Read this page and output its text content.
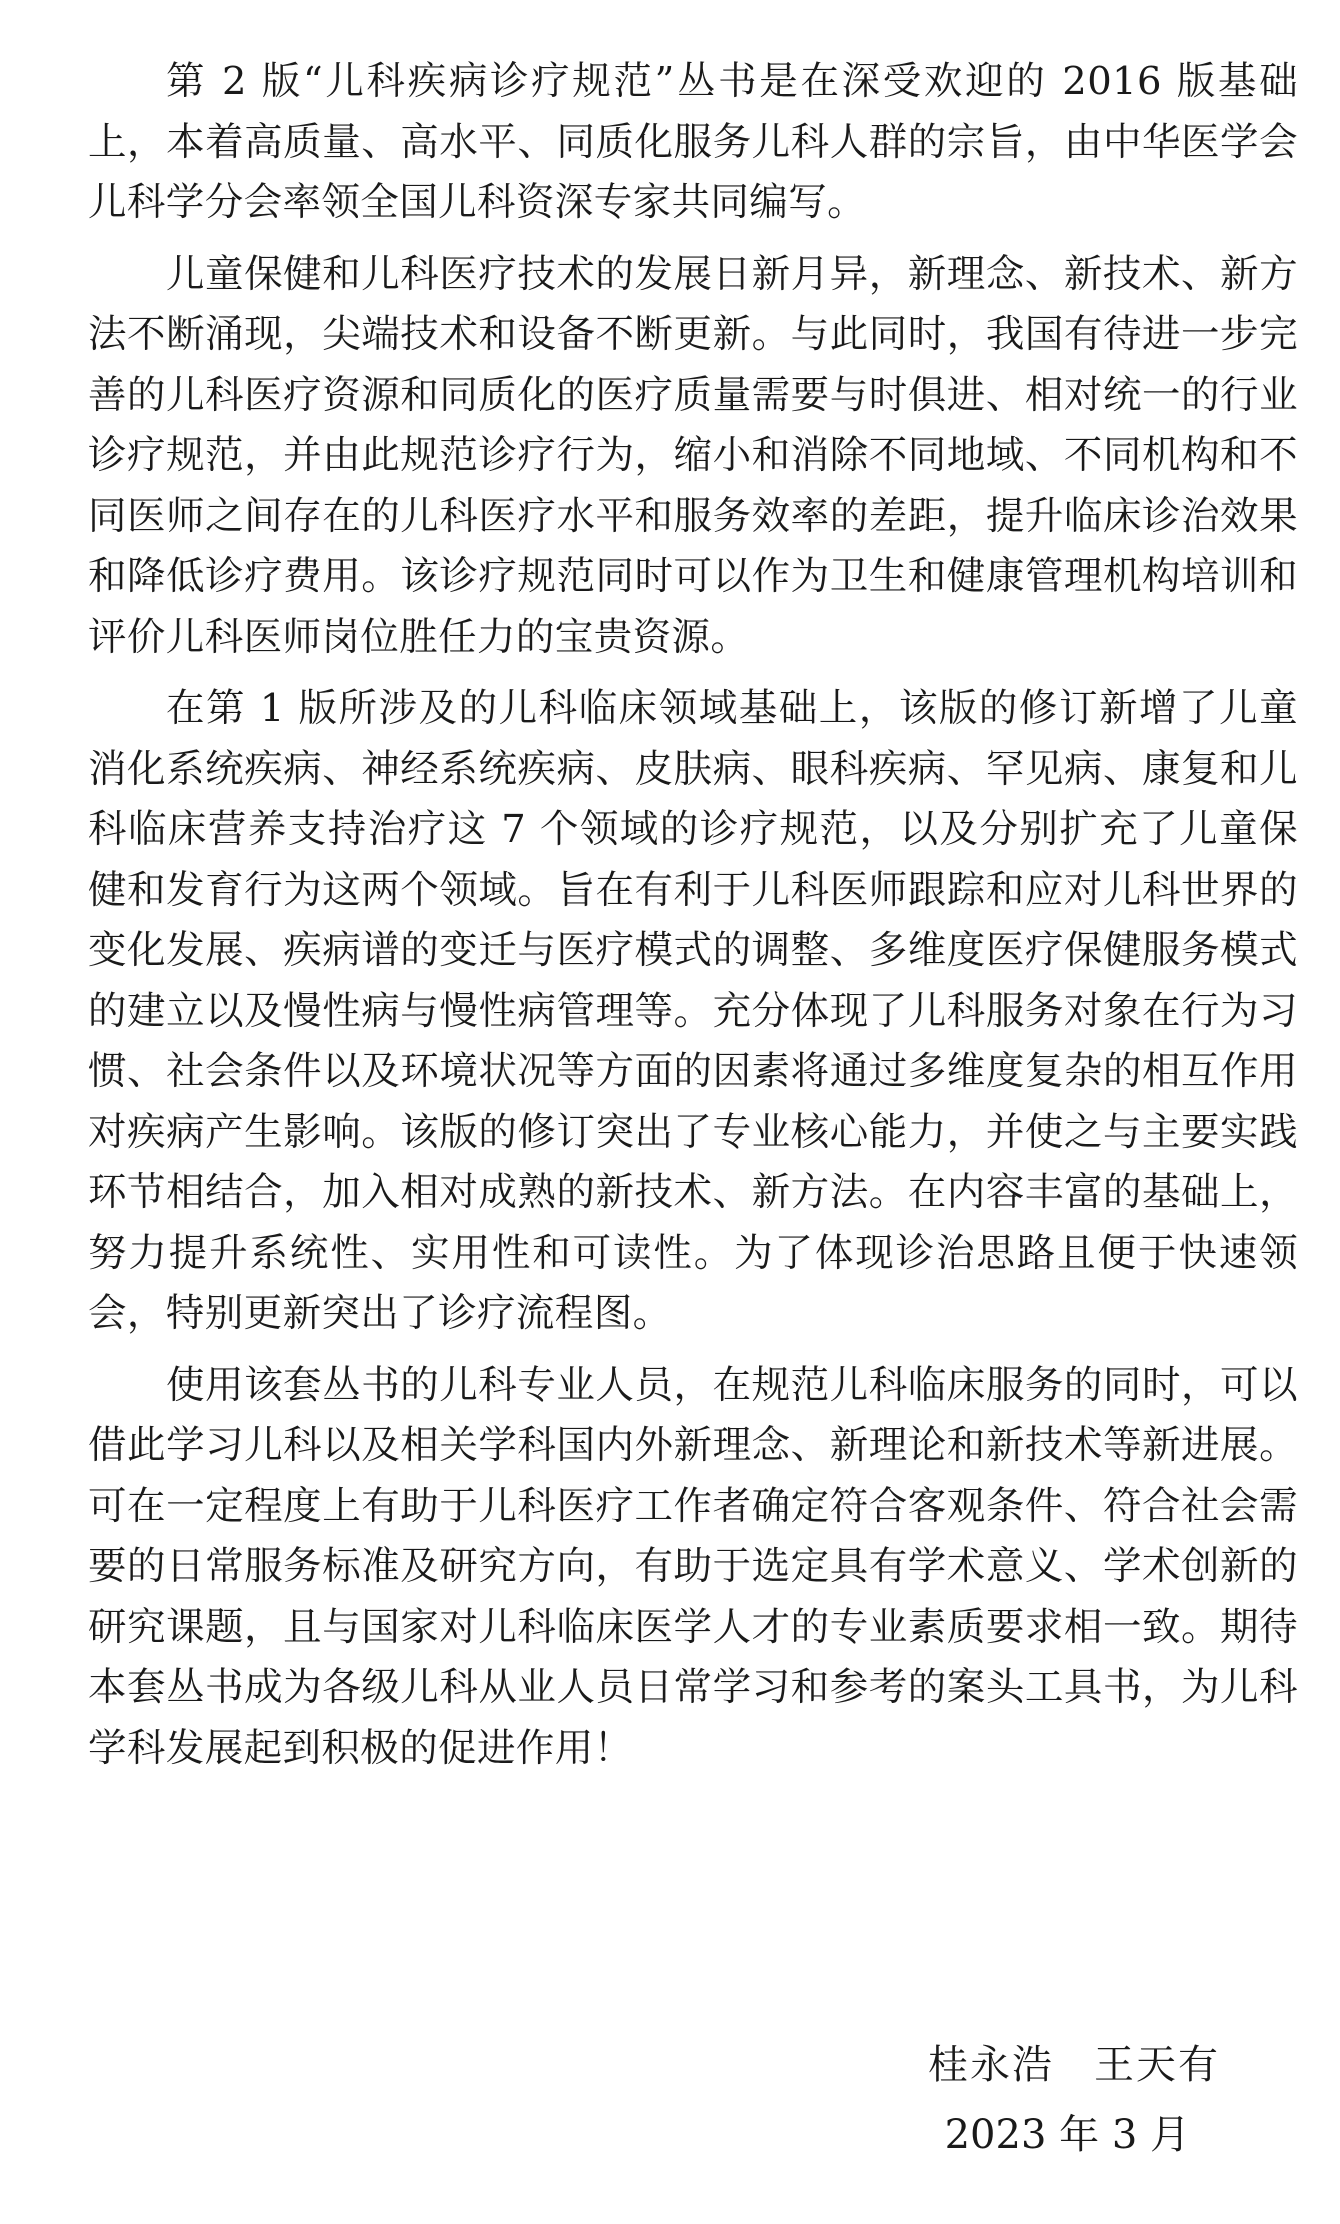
第 2 版“儿科疾病诊疗规范”丛书是在深受欢迎的 2016 版基础上，本着高质量、高水平、同质化服务儿科人群的宗旨，由中华医学会儿科学分会率领全国儿科资深专家共同编写。

儿童保健和儿科医疗技术的发展日新月异，新理念、新技术、新方法不断涌现，尖端技术和设备不断更新。与此同时，我国有待进一步完善的儿科医疗资源和同质化的医疗质量需要与时俱进、相对统一的行业诊疗规范，并由此规范诊疗行为，缩小和消除不同地域、不同机构和不同医师之间存在的儿科医疗水平和服务效率的差距，提升临床诊治效果和降低诊疗费用。该诊疗规范同时可以作为卫生和健康管理机构培训和评价儿科医师岗位胜任力的宝贵资源。

在第 1 版所涉及的儿科临床领域基础上，该版的修订新增了儿童消化系统疾病、神经系统疾病、皮肤病、眼科疾病、罕见病、康复和儿科临床营养支持治疗这 7 个领域的诊疗规范，以及分别扩充了儿童保健和发育行为这两个领域。旨在有利于儿科医师跟踪和应对儿科世界的变化发展、疾病谱的变迁与医疗模式的调整、多维度医疗保健服务模式的建立以及慢性病与慢性病管理等。充分体现了儿科服务对象在行为习惯、社会条件以及环境状况等方面的因素将通过多维度复杂的相互作用对疾病产生影响。该版的修订突出了专业核心能力，并使之与主要实践环节相结合，加入相对成熟的新技术、新方法。在内容丰富的基础上，努力提升系统性、实用性和可读性。为了体现诊治思路且便于快速领会，特别更新突出了诊疗流程图。

使用该套丛书的儿科专业人员，在规范儿科临床服务的同时，可以借此学习儿科以及相关学科国内外新理念、新理论和新技术等新进展。可在一定程度上有助于儿科医疗工作者确定符合客观条件、符合社会需要的日常服务标准及研究方向，有助于选定具有学术意义、学术创新的研究课题，且与国家对儿科临床医学人才的专业素质要求相一致。期待本套丛书成为各级儿科从业人员日常学习和参考的案头工具书，为儿科学科发展起到积极的促进作用！

桂永浩 王天有
2023 年 3 月
